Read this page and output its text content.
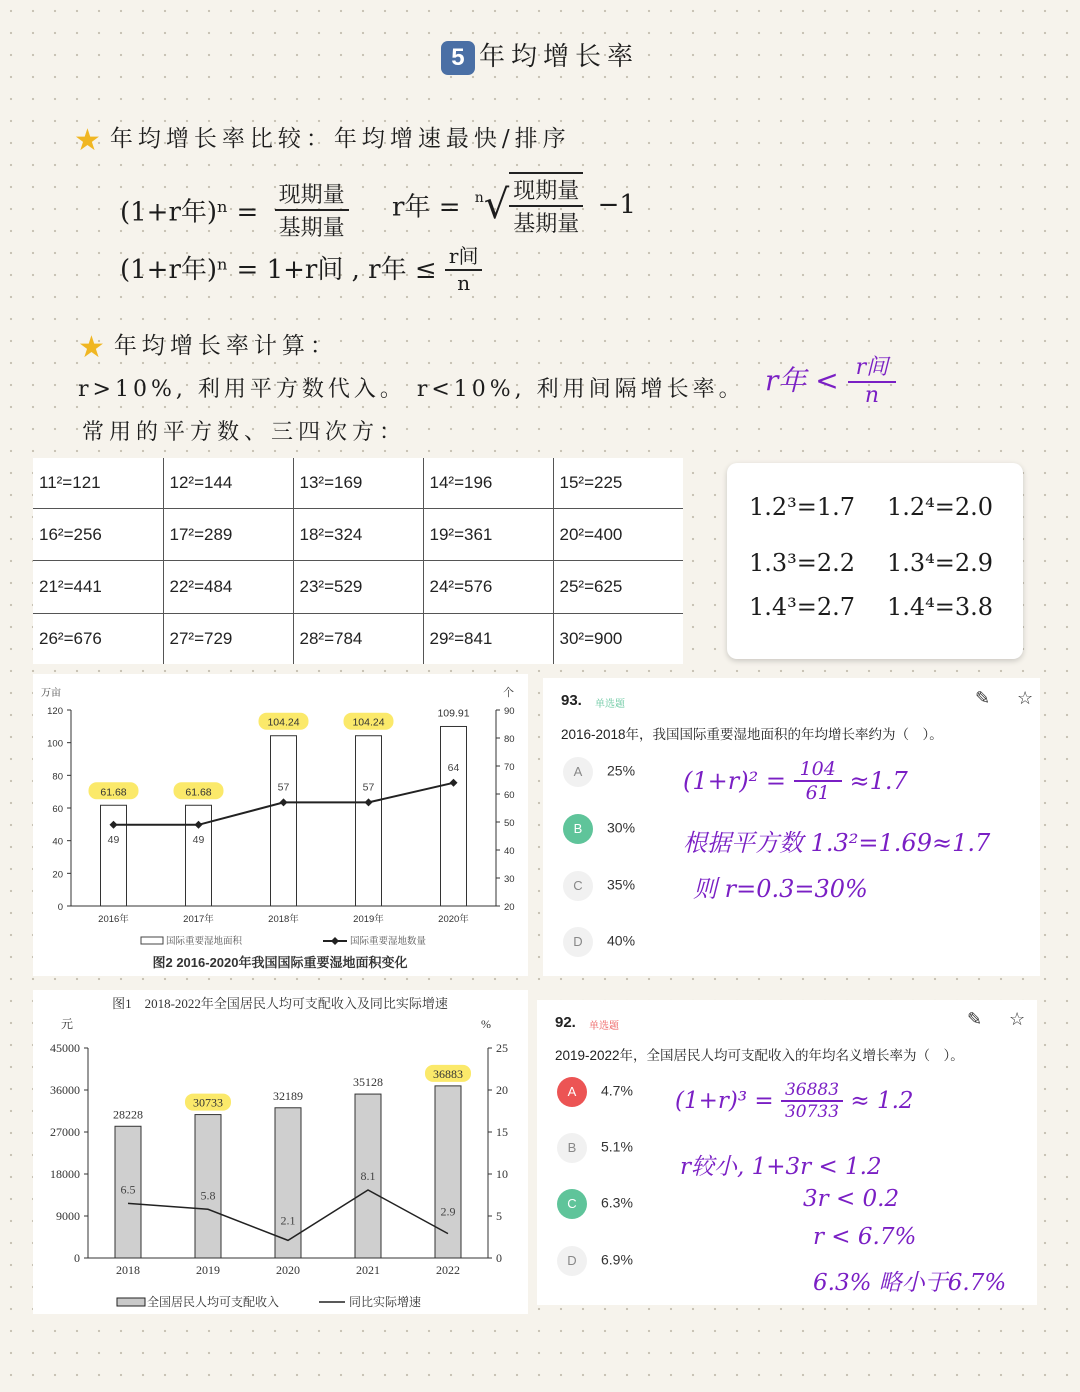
5 年均增长率
★ 年均增长率比较：年均增速最快/排序
(1+r年)ⁿ =
现期量
基期量
r年 = $^n$√ 现期量
基期量
−1
(1+r年)ⁿ = 1+r间 , r年 ≤ r间
n
★ 年均增长率计算：
r>10%, 利用平方数代入。 r<10%, 利用间隔增长率。 r年 < r间
n
常用的平方数、三四次方：
11²=121	12²=144	13²=169	14²=196	15²=225
16²=256	17²=289	18²=324	19²=361	20²=400
21²=441	22²=484	23²=529	24²=576	25²=625
26²=676	27²=729	28²=784	29²=841	30²=900
1.2³=1.7 1.2⁴=2.0
1.3³=2.2 1.3⁴=2.9
1.4³=2.7 1.4⁴=3.8
万亩	个
0
20
40
60
80
100
120
20
30
40
50
60
70
80
90
61.68
2016年
61.68
2017年
104.24
2018年
104.24
2019年
109.91
2020年
49	49
57	57
64
国际重要湿地面积	国际重要湿地数量
图2 2016-2020年我国国际重要湿地面积变化
图1　2018-2022年全国居民人均可支配收入及同比实际增速
元	%
0
9000
18000
27000
36000
45000
0
5
10
15
20
25
28228
2018
30733
2019
32189
2020
35128
2021
36883
2022
6.5	5.8
2.1
8.1
2.9
全国居民人均可支配收入	同比实际增速
93. 单选题	✎ ☆
2016-2018年，我国国际重要湿地面积的年均增长率约为（　）。
A 25%
B 30%
C 35%
D 40%
$(1+r)^2 = \frac{104}{61} \approx 1.7$
根据平方数 1.3²=1.69≈1.7
则 r=0.3=30%
92. 单选题	✎ ☆
2019-2022年，全国居民人均可支配收入的年均名义增长率为（　）。
A 4.7%
B 5.1%
C 6.3%
D 6.9%
$(1+r)^3 = \frac{36883}{30733} \approx 1.2$
r较小, 1+3r < 1.2
3r < 0.2
r < 6.7%
6.3% 略小于6.7%
